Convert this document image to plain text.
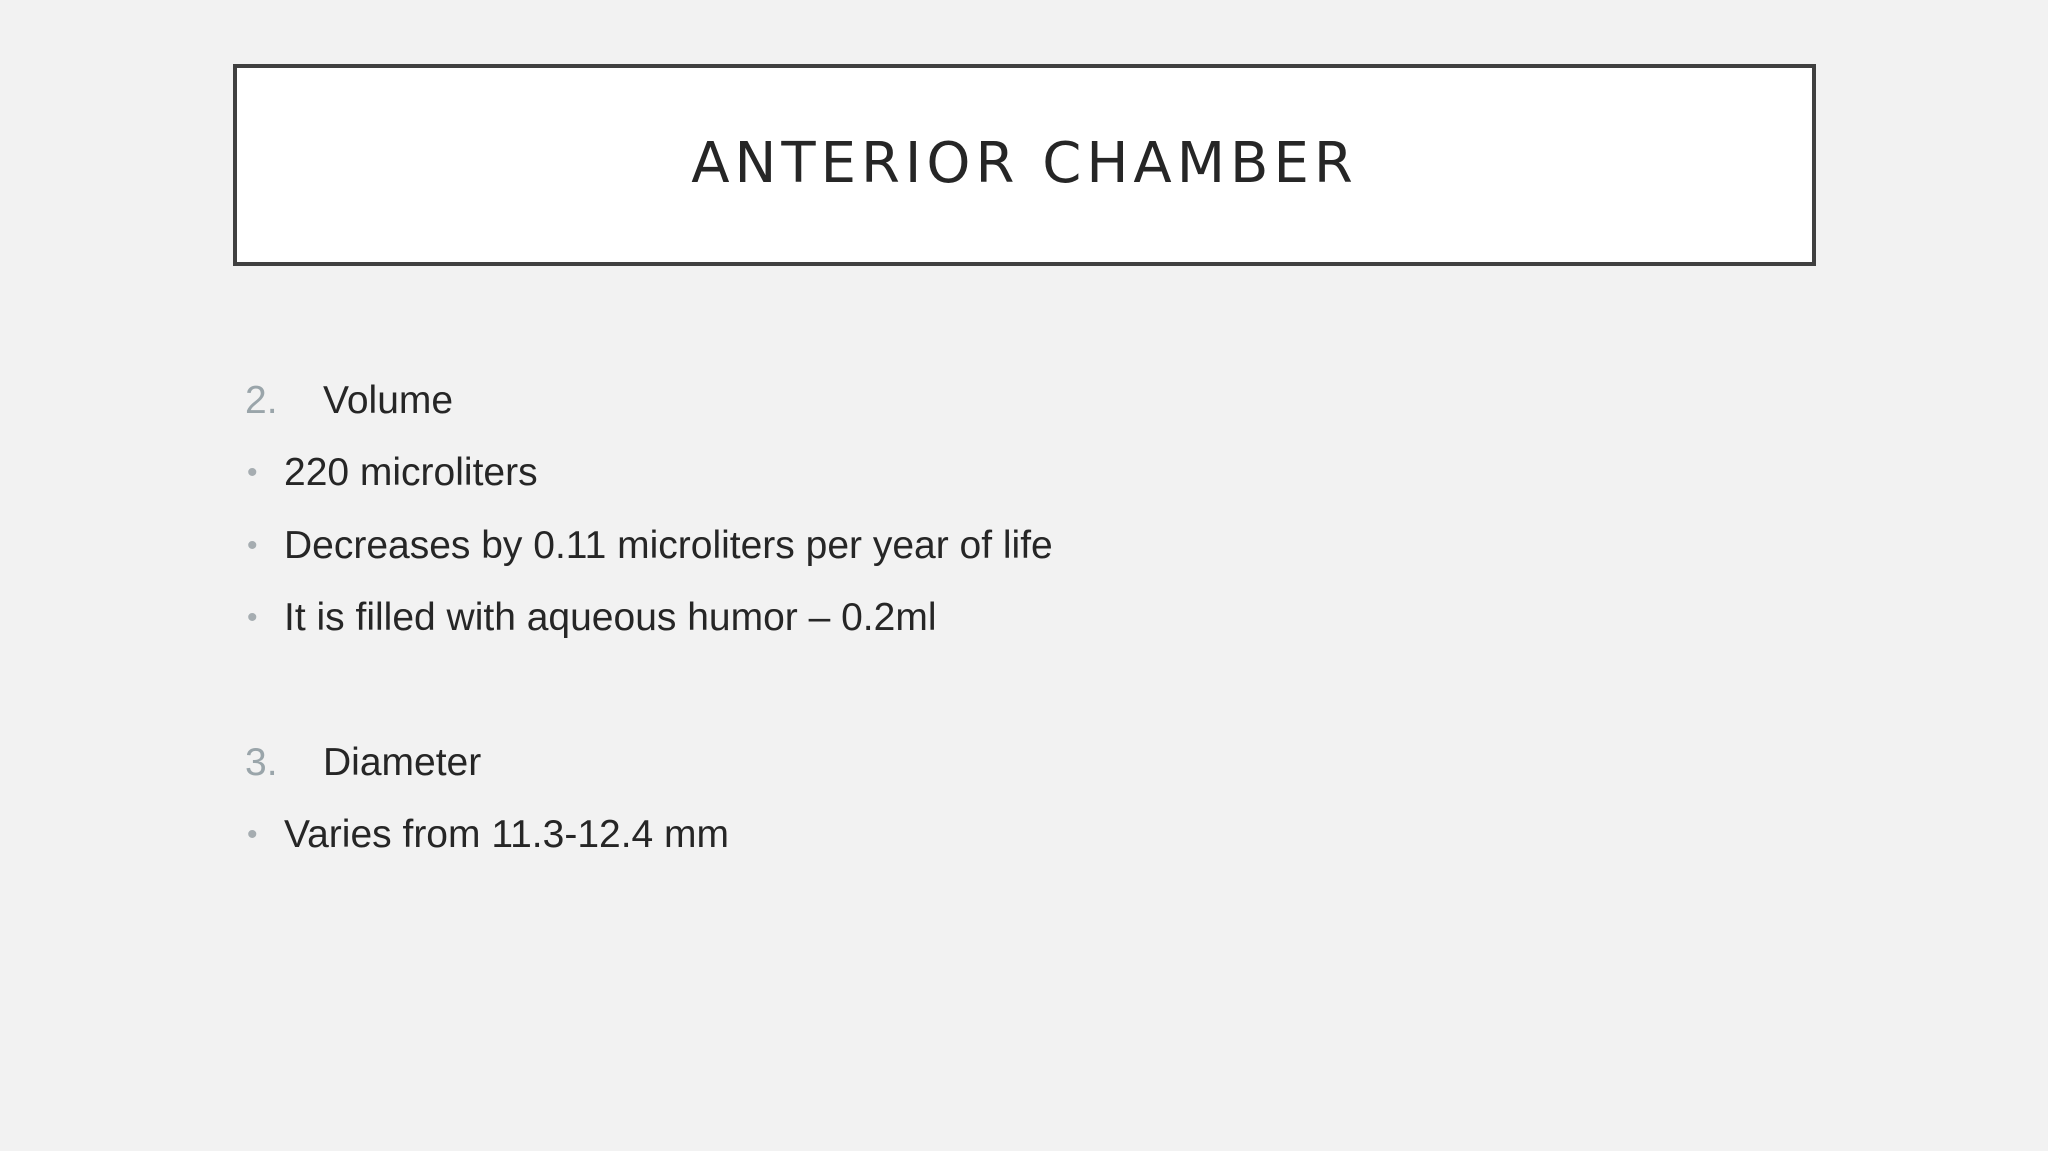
ANTERIOR CHAMBER
2. Volume
• 220 microliters
• Decreases by 0.11 microliters per year of life
• It is filled with aqueous humor – 0.2ml
3. Diameter
• Varies from 11.3-12.4 mm
